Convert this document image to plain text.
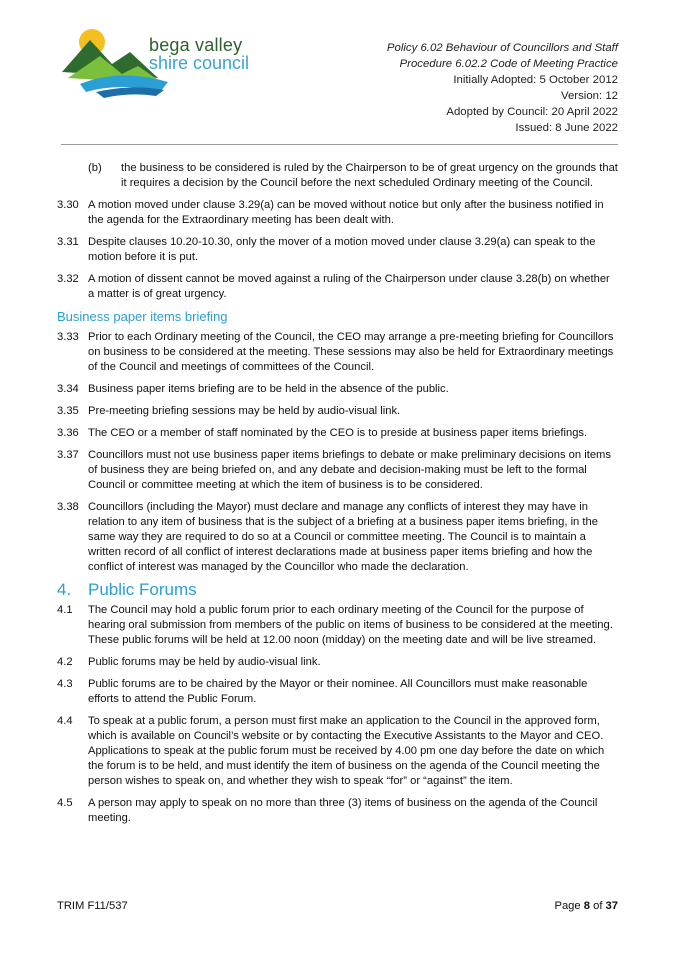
bega valley
shire council
Policy 6.02 Behaviour of Councillors and Staff
Procedure 6.02.2 Code of Meeting Practice
Initially Adopted: 5 October 2012
Version: 12
Adopted by Council: 20 April 2022
Issued: 8 June 2022
(b)	the business to be considered is ruled by the Chairperson to be of great urgency on the grounds that it requires a decision by the Council before the next scheduled Ordinary meeting of the Council.
3.30 A motion moved under clause 3.29(a) can be moved without notice but only after the business notified in the agenda for the Extraordinary meeting has been dealt with.
3.31 Despite clauses 10.20-10.30, only the mover of a motion moved under clause 3.29(a) can speak to the motion before it is put.
3.32 A motion of dissent cannot be moved against a ruling of the Chairperson under clause 3.28(b) on whether a matter is of great urgency.
Business paper items briefing
3.33 Prior to each Ordinary meeting of the Council, the CEO may arrange a pre-meeting briefing for Councillors on business to be considered at the meeting. These sessions may also be held for Extraordinary meetings of the Council and meetings of committees of the Council.
3.34 Business paper items briefing are to be held in the absence of the public.
3.35 Pre-meeting briefing sessions may be held by audio-visual link.
3.36 The CEO or a member of staff nominated by the CEO is to preside at business paper items briefings.
3.37 Councillors must not use business paper items briefings to debate or make preliminary decisions on items of business they are being briefed on, and any debate and decision-making must be left to the formal Council or committee meeting at which the item of business is to be considered.
3.38 Councillors (including the Mayor) must declare and manage any conflicts of interest they may have in relation to any item of business that is the subject of a briefing at a business paper items briefing, in the same way they are required to do so at a Council or committee meeting. The Council is to maintain a written record of all conflict of interest declarations made at business paper items briefing and how the conflict of interest was managed by the Councillor who made the declaration.
4. Public Forums
4.1	The Council may hold a public forum prior to each ordinary meeting of the Council for the purpose of hearing oral submission from members of the public on items of business to be considered at the meeting. These public forums will be held at 12.00 noon (midday) on the meeting date and will be live streamed.
4.2	Public forums may be held by audio-visual link.
4.3	Public forums are to be chaired by the Mayor or their nominee. All Councillors must make reasonable efforts to attend the Public Forum.
4.4	To speak at a public forum, a person must first make an application to the Council in the approved form, which is available on Council’s website or by contacting the Executive Assistants to the Mayor and CEO. Applications to speak at the public forum must be received by 4.00 pm one day before the date on which the forum is to be held, and must identify the item of business on the agenda of the Council meeting the person wishes to speak on, and whether they wish to speak “for” or “against” the item.
4.5	A person may apply to speak on no more than three (3) items of business on the agenda of the Council meeting.
TRIM F11/537	Page 8 of 37
